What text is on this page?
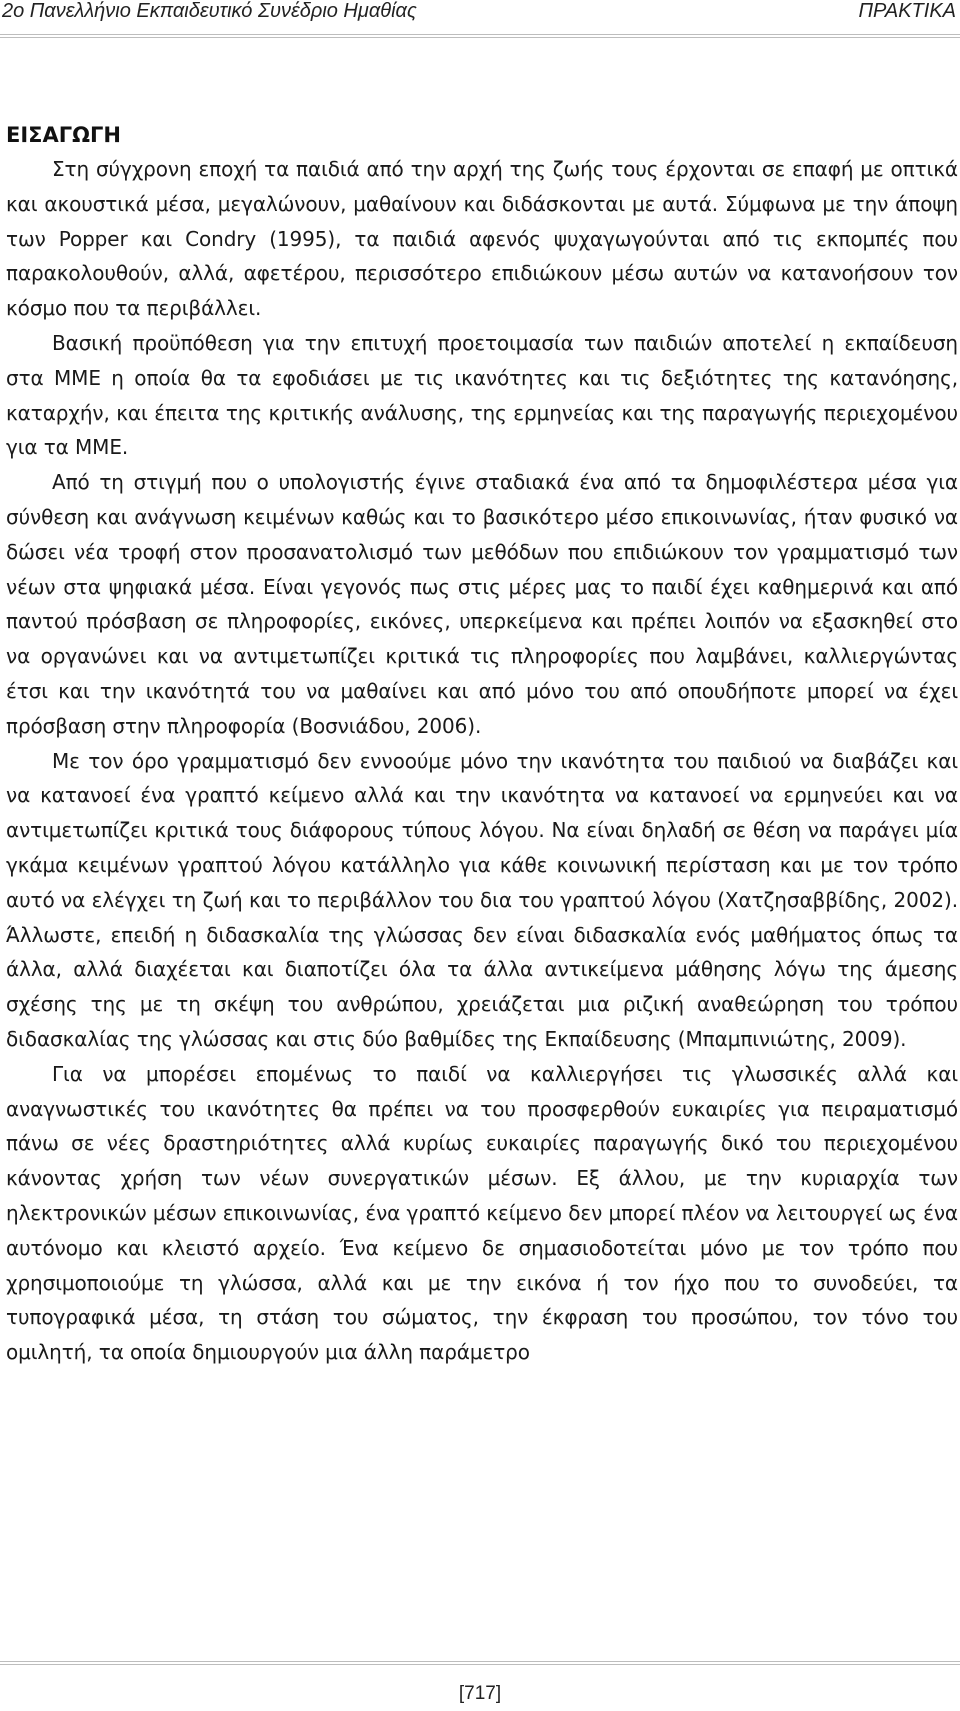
2ο Πανελλήνιο Εκπαιδευτικό Συνέδριο Ημαθίας	ΠΡΑΚΤΙΚΑ
ΕΙΣΑΓΩΓΗ

Στη σύγχρονη εποχή τα παιδιά από την αρχή της ζωής τους έρχονται σε επαφή με οπτικά και ακουστικά μέσα, μεγαλώνουν, μαθαίνουν και διδάσκονται με αυτά. Σύμφωνα με την άποψη των Popper και Condry (1995), τα παιδιά αφενός ψυχαγωγούνται από τις εκπομπές που παρακολουθούν, αλλά, αφετέρου, περισσότερο επιδιώκουν μέσω αυτών να κατανοήσουν τον κόσμο που τα περιβάλλει.

Βασική προϋπόθεση για την επιτυχή προετοιμασία των παιδιών αποτελεί η εκπαίδευση στα ΜΜΕ η οποία θα τα εφοδιάσει με τις ικανότητες και τις δεξιότητες της κατανόησης, καταρχήν, και έπειτα της κριτικής ανάλυσης, της ερμηνείας και της παραγωγής περιεχομένου για τα ΜΜΕ.

Από τη στιγμή που ο υπολογιστής έγινε σταδιακά ένα από τα δημοφιλέστερα μέσα για σύνθεση και ανάγνωση κειμένων καθώς και το βασικότερο μέσο επικοινωνίας, ήταν φυσικό να δώσει νέα τροφή στον προσανατολισμό των μεθόδων που επιδιώκουν τον γραμματισμό των νέων στα ψηφιακά μέσα. Είναι γεγονός πως στις μέρες μας το παιδί έχει καθημερινά και από παντού πρόσβαση σε πληροφορίες, εικόνες, υπερκείμενα και πρέπει λοιπόν να εξασκηθεί στο να οργανώνει και να αντιμετωπίζει κριτικά τις πληροφορίες που λαμβάνει, καλλιεργώντας έτσι και την ικανότητά του να μαθαίνει και από μόνο του από οπουδήποτε μπορεί να έχει πρόσβαση στην πληροφορία (Βοσνιάδου, 2006).

Με τον όρο γραμματισμό δεν εννοούμε μόνο την ικανότητα του παιδιού να διαβάζει και να κατανοεί ένα γραπτό κείμενο αλλά και την ικανότητα να κατανοεί να ερμηνεύει και να αντιμετωπίζει κριτικά τους διάφορους τύπους λόγου. Να είναι δηλαδή σε θέση να παράγει μία γκάμα κειμένων γραπτού λόγου κατάλληλο για κάθε κοινωνική περίσταση και με τον τρόπο αυτό να ελέγχει τη ζωή και το περιβάλλον του δια του γραπτού λόγου (Χατζησαββίδης, 2002). Άλλωστε, επειδή η διδασκαλία της γλώσσας δεν είναι διδασκαλία ενός μαθήματος όπως τα άλλα, αλλά διαχέεται και διαποτίζει όλα τα άλλα αντικείμενα μάθησης λόγω της άμεσης σχέσης της με τη σκέψη του ανθρώπου, χρειάζεται μια ριζική αναθεώρηση του τρόπου διδασκαλίας της γλώσσας και στις δύο βαθμίδες της Εκπαίδευσης (Μπαμπινιώτης, 2009).

Για να μπορέσει επομένως το παιδί να καλλιεργήσει τις γλωσσικές αλλά και αναγνωστικές του ικανότητες θα πρέπει να του προσφερθούν ευκαιρίες για πειραματισμό πάνω σε νέες δραστηριότητες αλλά κυρίως ευκαιρίες παραγωγής δικό του περιεχομένου κάνοντας χρήση των νέων συνεργατικών μέσων. Εξ άλλου, με την κυριαρχία των ηλεκτρονικών μέσων επικοινωνίας, ένα γραπτό κείμενο δεν μπορεί πλέον να λειτουργεί ως ένα αυτόνομο και κλειστό αρχείο. Ένα κείμενο δε σημασιοδοτείται μόνο με τον τρόπο που χρησιμοποιούμε τη γλώσσα, αλλά και με την εικόνα ή τον ήχο που το συνοδεύει, τα τυπογραφικά μέσα, τη στάση του σώματος, την έκφραση του προσώπου, τον τόνο του ομιλητή, τα οποία δημιουργούν μια άλλη παράμετρο

[717]
